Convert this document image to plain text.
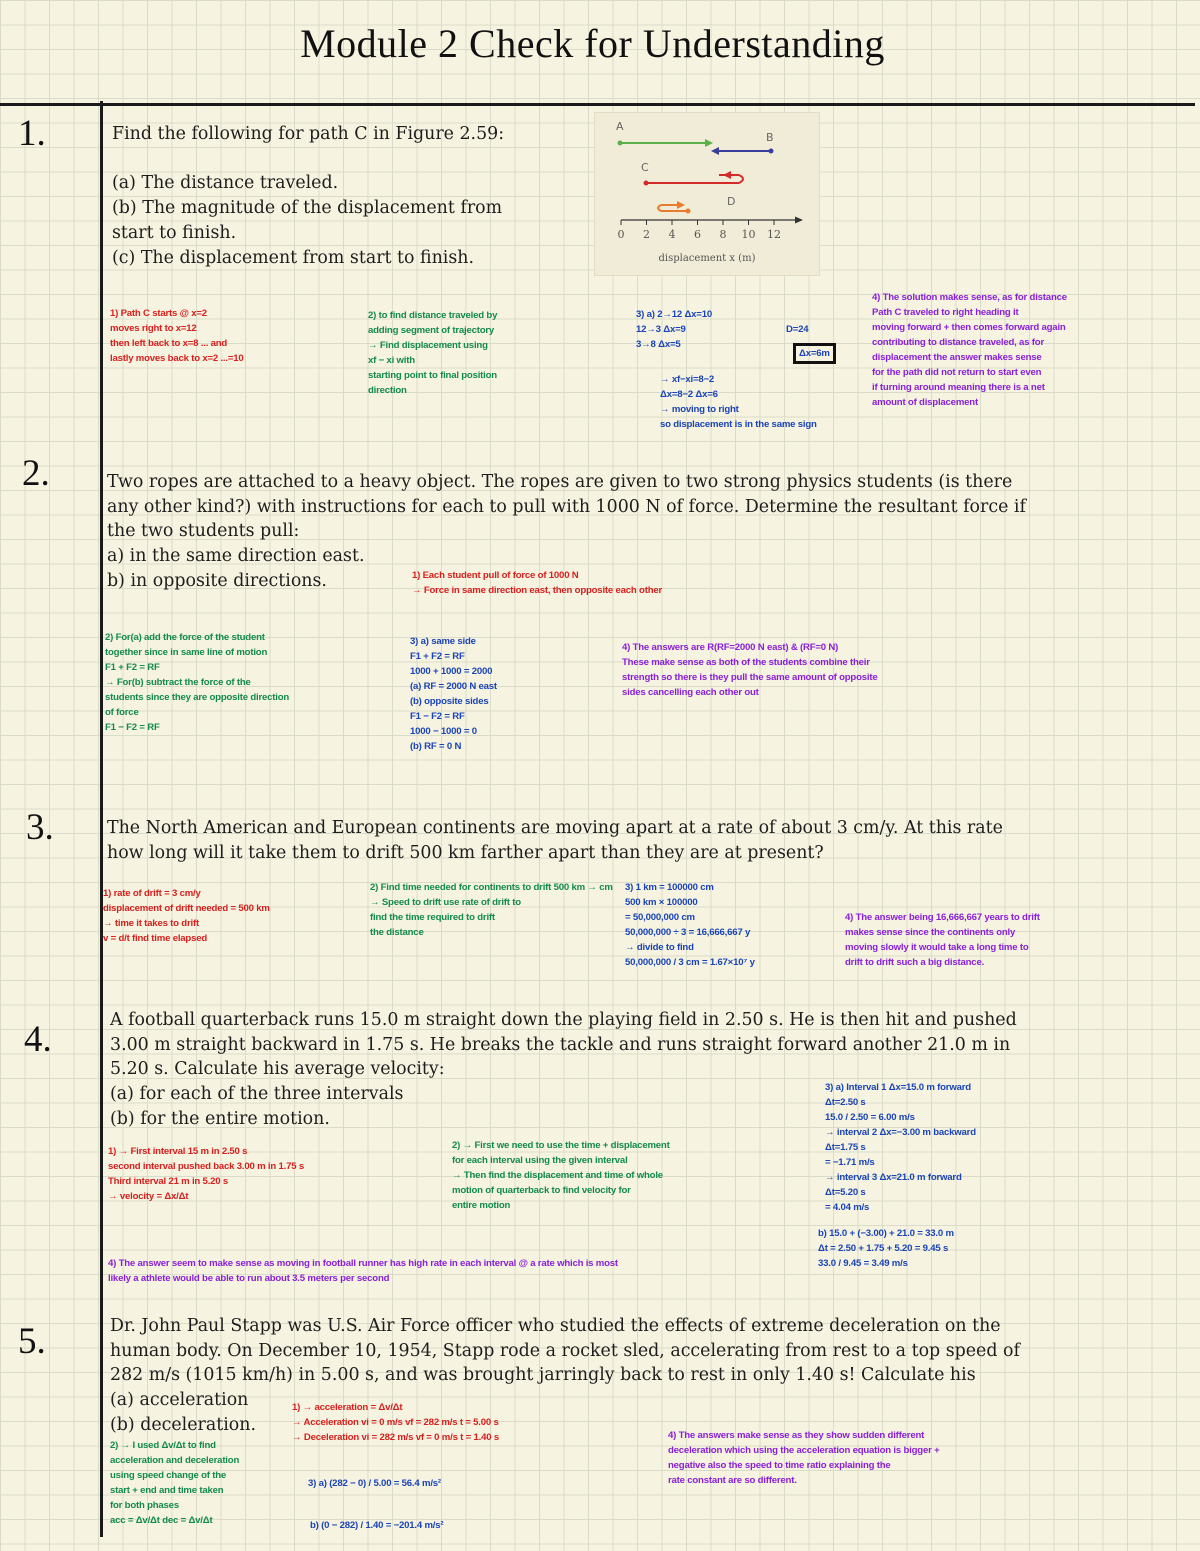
Module 2 Check for Understanding
1.	Find the following for path C in Figure 2.59:

(a) The distance traveled.
(b) The magnitude of the displacement from
start to finish.
(c) The displacement from start to finish.
A
B
C
D
0 2 4 6 8 10 12
displacement x (m)
1) Path C starts @ x=2
moves right to x=12
then left back to x=8 ... and
lastly moves back to x=2 ...=10
2) to find distance traveled by
adding segment of trajectory
→ Find displacement using
xf − xi with
starting point to final position
direction
3) a) 2→12 Δx=10
12→3 Δx=9
3→8 Δx=5
D=24
Δx=6m
→ xf−xi=8−2
Δx=8−2 Δx=6
→ moving to right
so displacement is in the same sign
4) The solution makes sense, as for distance
Path C traveled to right heading it
moving forward + then comes forward again
contributing to distance traveled, as for
displacement the answer makes sense
for the path did not return to start even
if turning around meaning there is a net
amount of displacement
2.	Two ropes are attached to a heavy object. The ropes are given to two strong physics students (is there
any other kind?) with instructions for each to pull with 1000 N of force. Determine the resultant force if
the two students pull:
a) in the same direction east.
b) in opposite directions.	1) Each student pull of force of 1000 N
→ Force in same direction east, then opposite each other
2) For(a) add the force of the student
together since in same line of motion
F1 + F2 = RF
→ For(b) subtract the force of the
students since they are opposite direction
of force
F1 − F2 = RF
3) a) same side
F1 + F2 = RF
1000 + 1000 = 2000
(a) RF = 2000 N east
(b) opposite sides
F1 − F2 = RF
1000 − 1000 = 0
(b) RF = 0 N
4) The answers are R(RF=2000 N east) & (RF=0 N)
These make sense as both of the students combine their
strength so there is they pull the same amount of opposite
sides cancelling each other out
3.	The North American and European continents are moving apart at a rate of about 3 cm/y. At this rate
how long will it take them to drift 500 km farther apart than they are at present?
1) rate of drift = 3 cm/y
displacement of drift needed = 500 km
→ time it takes to drift
v = d/t find time elapsed
2) Find time needed for continents to drift 500 km → cm
→ Speed to drift use rate of drift to
find the time required to drift
the distance
3) 1 km = 100000 cm
500 km × 100000
= 50,000,000 cm
50,000,000 ÷ 3 = 16,666,667 y
→ divide to find
50,000,000 / 3 cm = 1.67×10⁷ y
4) The answer being 16,666,667 years to drift
makes sense since the continents only
moving slowly it would take a long time to
drift to drift such a big distance.
4.	A football quarterback runs 15.0 m straight down the playing field in 2.50 s. He is then hit and pushed
3.00 m straight backward in 1.75 s. He breaks the tackle and runs straight forward another 21.0 m in
5.20 s. Calculate his average velocity:
(a) for each of the three intervals
(b) for the entire motion.
1) → First interval 15 m in 2.50 s
second interval pushed back 3.00 m in 1.75 s
Third interval 21 m in 5.20 s
→ velocity = Δx/Δt
2) → First we need to use the time + displacement
for each interval using the given interval
→ Then find the displacement and time of whole
motion of quarterback to find velocity for
entire motion
3) a) Interval 1 Δx=15.0 m forward
Δt=2.50 s
15.0 / 2.50 = 6.00 m/s
→ interval 2 Δx=−3.00 m backward
Δt=1.75 s
= −1.71 m/s
→ interval 3 Δx=21.0 m forward
Δt=5.20 s
= 4.04 m/s
b) 15.0 + (−3.00) + 21.0 = 33.0 m
Δt = 2.50 + 1.75 + 5.20 = 9.45 s
33.0 / 9.45 = 3.49 m/s
4) The answer seem to make sense as moving in football runner has high rate in each interval @ a rate which is most
likely a athlete would be able to run about 3.5 meters per second
5.	Dr. John Paul Stapp was U.S. Air Force officer who studied the effects of extreme deceleration on the
human body. On December 10, 1954, Stapp rode a rocket sled, accelerating from rest to a top speed of
282 m/s (1015 km/h) in 5.00 s, and was brought jarringly back to rest in only 1.40 s! Calculate his
(a) acceleration
(b) deceleration.
1) → acceleration = Δv/Δt
→ Acceleration vi = 0 m/s vf = 282 m/s t = 5.00 s
→ Deceleration vi = 282 m/s vf = 0 m/s t = 1.40 s
2) → I used Δv/Δt to find
acceleration and deceleration
using speed change of the
start + end and time taken
for both phases
acc = Δv/Δt dec = Δv/Δt
3) a) (282 − 0) / 5.00 = 56.4 m/s²
b) (0 − 282) / 1.40 = −201.4 m/s²
4) The answers make sense as they show sudden different
deceleration which using the acceleration equation is bigger +
negative also the speed to time ratio explaining the
rate constant are so different.
